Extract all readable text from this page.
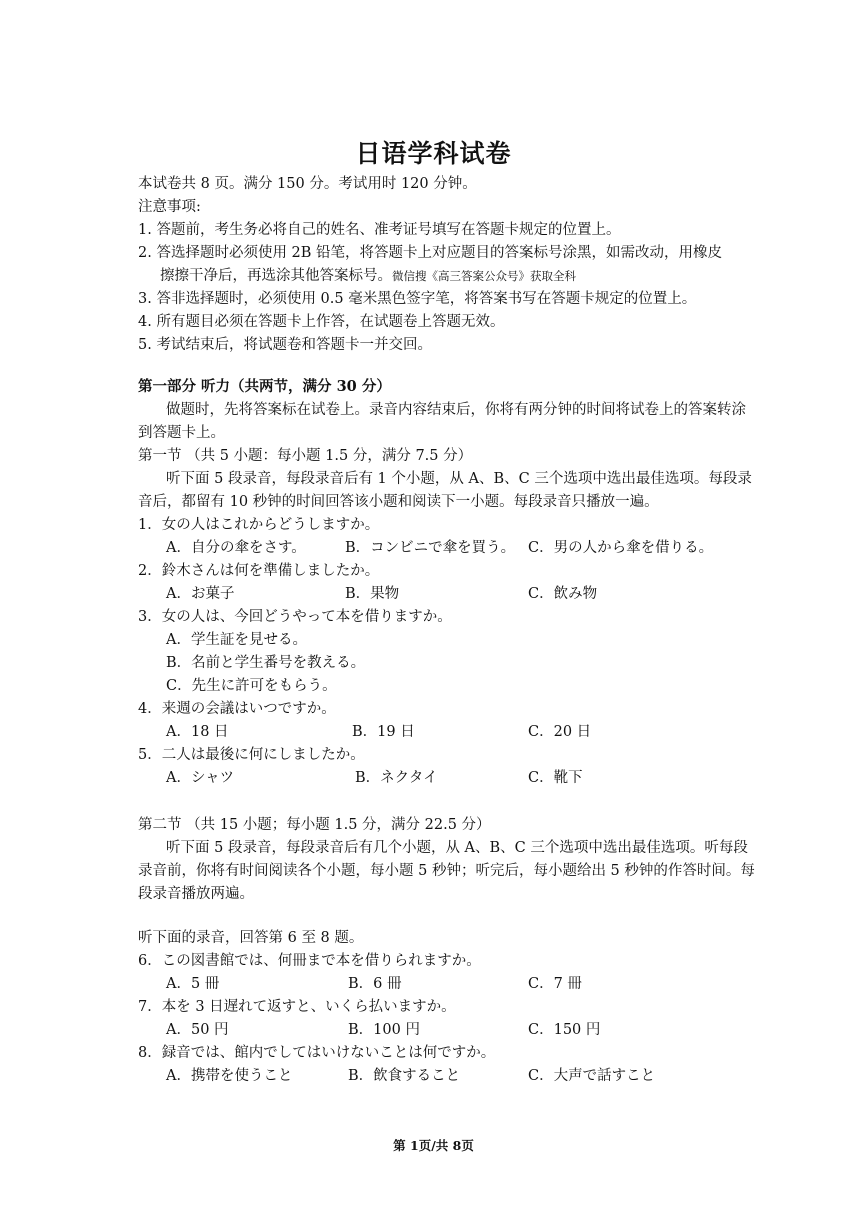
日语学科试卷
本试卷共 8 页。满分 150 分。考试用时 120 分钟。
注意事项:
1. 答题前，考生务必将自己的姓名、准考证号填写在答题卡规定的位置上。
2. 答选择题时必须使用 2B 铅笔，将答题卡上对应题目的答案标号涂黑，如需改动，用橡皮
擦擦干净后，再选涂其他答案标号。微信搜《高三答案公众号》获取全科
3. 答非选择题时，必须使用 0.5 毫米黑色签字笔，将答案书写在答题卡规定的位置上。
4. 所有题目必须在答题卡上作答，在试题卷上答题无效。
5. 考试结束后，将试题卷和答题卡一并交回。
第一部分 听力（共两节，满分 30 分）
做题时，先将答案标在试卷上。录音内容结束后，你将有两分钟的时间将试卷上的答案转涂
到答题卡上。
第一节 （共 5 小题：每小题 1.5 分，满分 7.5 分）
听下面 5 段录音，每段录音后有 1 个小题，从 A、B、C 三个选项中选出最佳选项。每段录
音后，都留有 10 秒钟的时间回答该小题和阅读下一小题。每段录音只播放一遍。
1．女の人はこれからどうしますか。
A．自分の傘をさす。	B．コンビニで傘を買う。 C．男の人から傘を借りる。
2．鈴木さんは何を準備しましたか。
A．お菓子	B．果物	C．飲み物
3．女の人は、今回どうやって本を借りますか。
A．学生証を見せる。
B．名前と学生番号を教える。
C．先生に許可をもらう。
4．来週の会議はいつですか。
A．18 日	B．19 日	C．20 日
5．二人は最後に何にしましたか。
A．シャツ	B．ネクタイ	C．靴下
第二节 （共 15 小题；每小题 1.5 分，满分 22.5 分）
听下面 5 段录音，每段录音后有几个小题，从 A、B、C 三个选项中选出最佳选项。听每段
录音前，你将有时间阅读各个小题，每小题 5 秒钟；听完后，每小题给出 5 秒钟的作答时间。每
段录音播放两遍。
听下面的录音，回答第 6 至 8 题。
6．この図書館では、何冊まで本を借りられますか。
A．5 冊	B．6 冊	C．7 冊
7．本を 3 日遅れて返すと、いくら払いますか。
A．50 円	B．100 円	C．150 円
8．録音では、館内でしてはいけないことは何ですか。
A．携帯を使うこと	B．飲食すること	C．大声で話すこと
第 1页/共 8页
